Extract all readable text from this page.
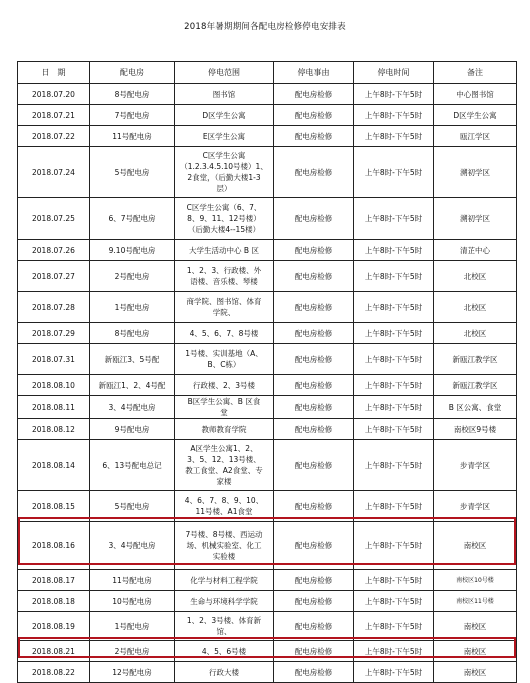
2018年暑期期间各配电房检修停电安排表
日　期	配电房	停电范围	停电事由	停电时间	备注
2018.07.20	8号配电房	图书馆	配电房检修	上午8时-下午5时	中心图书馆
2018.07.21	7号配电房	D区学生公寓	配电房检修	上午8时-下午5时	D区学生公寓
2018.07.22	11号配电房	E区学生公寓	配电房检修	上午8时-下午5时	瓯江学区
2018.07.24	5号配电房	C区学生公寓
（1.2.3.4.5.10号楼）1、
2食堂，（后勤大楼1-3
层）	配电房检修	上午8时-下午5时	溯初学区
2018.07.25	6、7号配电房	C区学生公寓（6、7、
8、9、11、12号楼）
（后勤大楼4--15楼）	配电房检修	上午8时-下午5时	溯初学区
2018.07.26	9.10号配电房	大学生活动中心 B 区	配电房检修	上午8时-下午5时	清芷中心
2018.07.27	2号配电房	1、2、3、行政楼、外
语楼、音乐楼、琴楼	配电房检修	上午8时-下午5时	北校区
2018.07.28	1号配电房	商学院、图书馆、体育
学院、	配电房检修	上午8时-下午5时	北校区
2018.07.29	8号配电房	4、5、6、7、8号楼	配电房检修	上午8时-下午5时	北校区
2018.07.31	新瓯江3、5号配	1号楼、实训基地（A、
B、C栋）	配电房检修	上午8时-下午5时	新瓯江教学区
2018.08.10	新瓯江1、2、4号配	行政楼、2、3号楼	配电房检修	上午8时-下午5时	新瓯江教学区
2018.08.11	3、4号配电房	B区学生公寓、B 区食
堂	配电房检修	上午8时-下午5时	B 区公寓、食堂
2018.08.12	9号配电房	教师教育学院	配电房检修	上午8时-下午5时	南校区9号楼
2018.08.14	6、13号配电总记	A区学生公寓1、2、
3、5、12、13号楼、
教工食堂、A2食堂、专
家楼	配电房检修	上午8时-下午5时	步青学区
2018.08.15	5号配电房	4、6、7、8、9、10、
11号楼、A1食堂	配电房检修	上午8时-下午5时	步青学区
2018.08.16	3、4号配电房	7号楼、8号楼、西运动
场、机械实验室、化工
实验楼	配电房检修	上午8时-下午5时	南校区
2018.08.17	11号配电房	化学与材料工程学院	配电房检修	上午8时-下午5时	南校区10号楼
2018.08.18	10号配电房	生命与环境科学学院	配电房检修	上午8时-下午5时	南校区11号楼
2018.08.19	1号配电房	1、2、3号楼、体育新
馆、	配电房检修	上午8时-下午5时	南校区
2018.08.21	2号配电房	4、5、6号楼	配电房检修	上午8时-下午5时	南校区
2018.08.22	12号配电房	行政大楼	配电房检修	上午8时-下午5时	南校区
